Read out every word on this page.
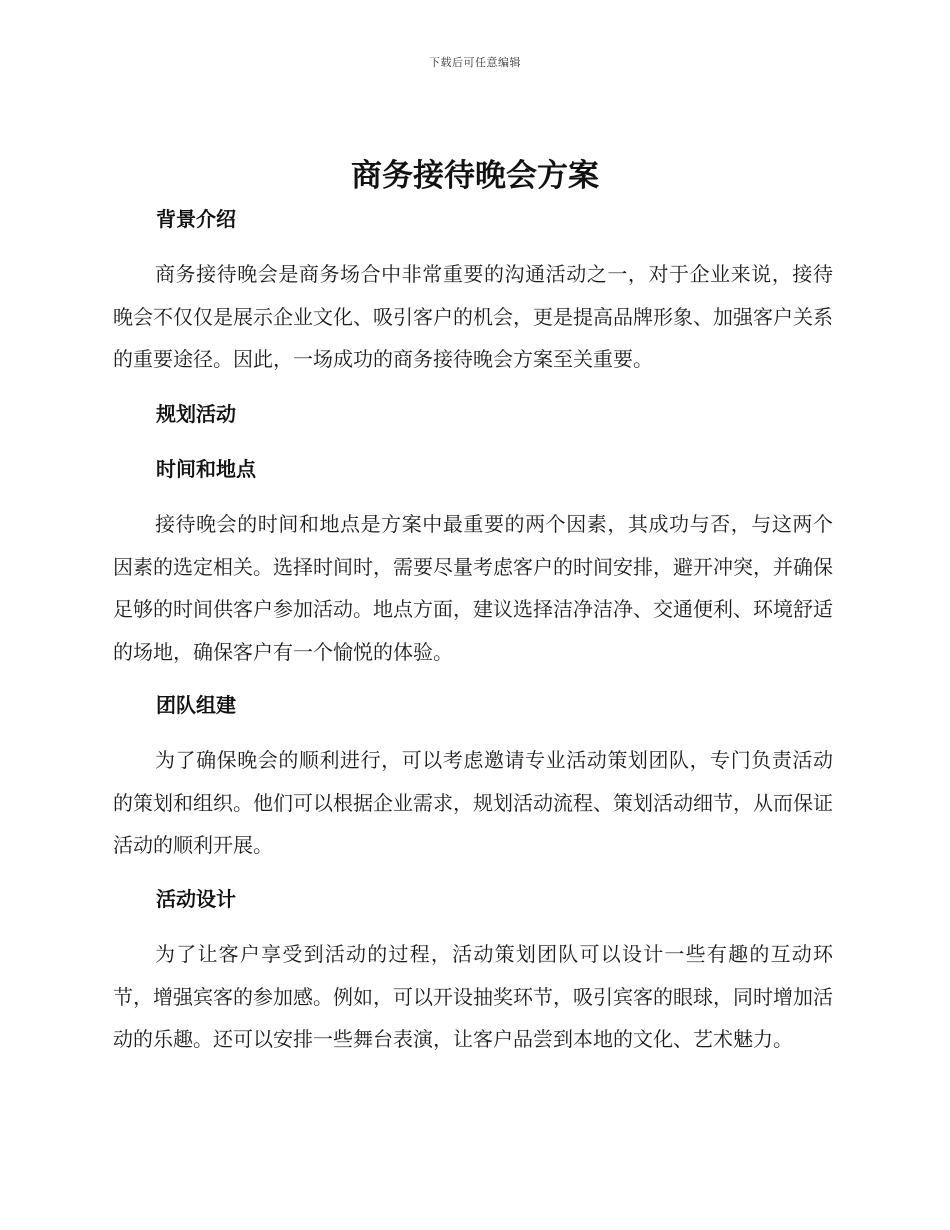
下载后可任意编辑
商务接待晚会方案
背景介绍
商务接待晚会是商务场合中非常重要的沟通活动之一，对于企业来说，接待晚会不仅仅是展示企业文化、吸引客户的机会，更是提高品牌形象、加强客户关系的重要途径。因此，一场成功的商务接待晚会方案至关重要。
规划活动
时间和地点
接待晚会的时间和地点是方案中最重要的两个因素，其成功与否，与这两个因素的选定相关。选择时间时，需要尽量考虑客户的时间安排，避开冲突，并确保足够的时间供客户参加活动。地点方面，建议选择洁净洁净、交通便利、环境舒适的场地，确保客户有一个愉悦的体验。
团队组建
为了确保晚会的顺利进行，可以考虑邀请专业活动策划团队，专门负责活动的策划和组织。他们可以根据企业需求，规划活动流程、策划活动细节，从而保证活动的顺利开展。
活动设计
为了让客户享受到活动的过程，活动策划团队可以设计一些有趣的互动环节，增强宾客的参加感。例如，可以开设抽奖环节，吸引宾客的眼球，同时增加活动的乐趣。还可以安排一些舞台表演，让客户品尝到本地的文化、艺术魅力。
